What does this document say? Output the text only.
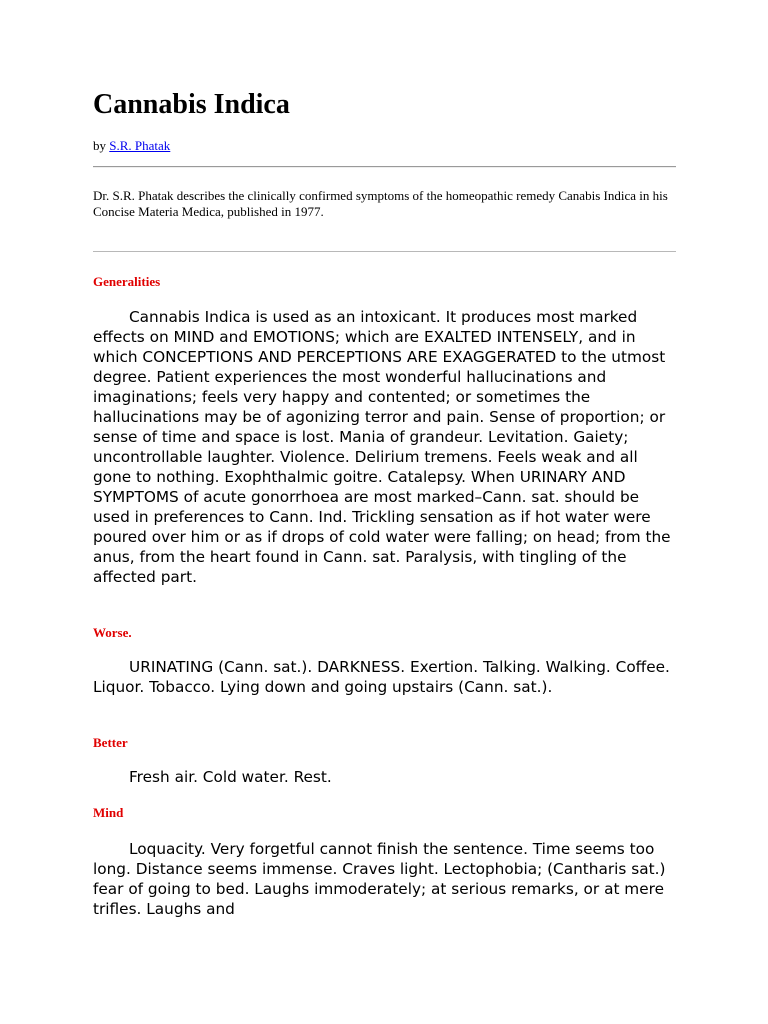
Cannabis Indica
by S.R. Phatak

Dr. S.R. Phatak describes the clinically confirmed symptoms of the homeopathic remedy Canabis Indica in his Concise Materia Medica, published in 1977.

Generalities

Cannabis Indica is used as an intoxicant. It produces most marked effects on MIND and EMOTIONS; which are EXALTED INTENSELY, and in which CONCEPTIONS AND PERCEPTIONS ARE EXAGGERATED to the utmost degree. Patient experiences the most wonderful hallucinations and imaginations; feels very happy and contented; or sometimes the hallucinations may be of agonizing terror and pain. Sense of proportion; or sense of time and space is lost. Mania of grandeur. Levitation. Gaiety; uncontrollable laughter. Violence. Delirium tremens. Feels weak and all gone to nothing. Exophthalmic goitre. Catalepsy. When URINARY AND SYMPTOMS of acute gonorrhoea are most marked–Cann. sat. should be used in preferences to Cann. Ind. Trickling sensation as if hot water were poured over him or as if drops of cold water were falling; on head; from the anus, from the heart found in Cann. sat. Paralysis, with tingling of the affected part.

Worse.

URINATING (Cann. sat.). DARKNESS. Exertion. Talking. Walking. Coffee. Liquor. Tobacco. Lying down and going upstairs (Cann. sat.).

Better

Fresh air. Cold water. Rest.

Mind

Loquacity. Very forgetful cannot finish the sentence. Time seems too long. Distance seems immense. Craves light. Lectophobia; (Cantharis sat.) fear of going to bed. Laughs immoderately; at serious remarks, or at mere trifles. Laughs and
